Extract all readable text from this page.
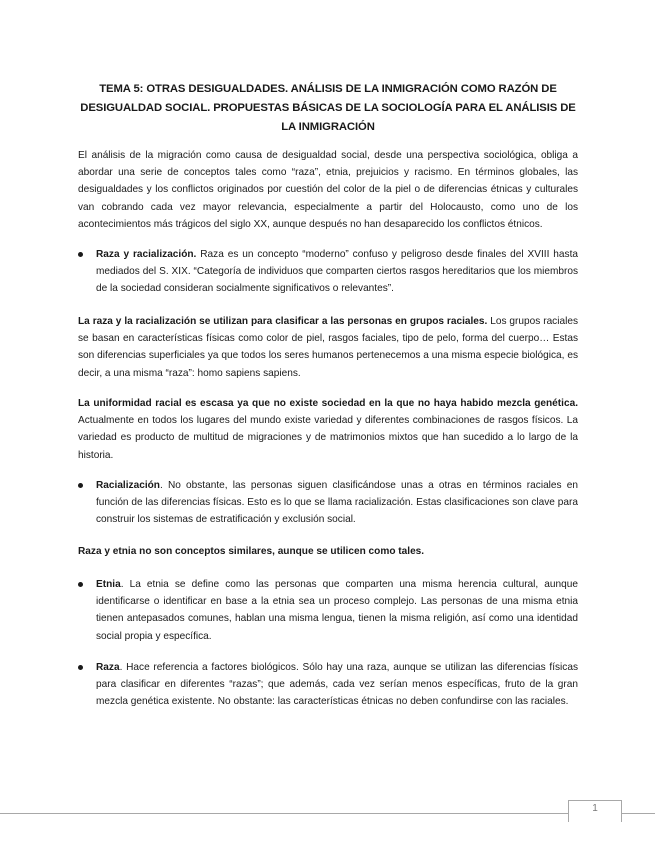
TEMA 5: OTRAS DESIGUALDADES. ANÁLISIS DE LA INMIGRACIÓN COMO RAZÓN DE DESIGUALDAD SOCIAL. PROPUESTAS BÁSICAS DE LA SOCIOLOGÍA PARA EL ANÁLISIS DE LA INMIGRACIÓN

El análisis de la migración como causa de desigualdad social, desde una perspectiva sociológica, obliga a abordar una serie de conceptos tales como “raza”, etnia, prejuicios y racismo. En términos globales, las desigualdades y los conflictos originados por cuestión del color de la piel o de diferencias étnicas y culturales van cobrando cada vez mayor relevancia, especialmente a partir del Holocausto, como uno de los acontecimientos más trágicos del siglo XX, aunque después no han desaparecido los conflictos étnicos.

Raza y racialización. Raza es un concepto “moderno” confuso y peligroso desde finales del XVIII hasta mediados del S. XIX. “Categoría de individuos que comparten ciertos rasgos hereditarios que los miembros de la sociedad consideran socialmente significativos o relevantes”.

La raza y la racialización se utilizan para clasificar a las personas en grupos raciales. Los grupos raciales se basan en características físicas como color de piel, rasgos faciales, tipo de pelo, forma del cuerpo… Estas son diferencias superficiales ya que todos los seres humanos pertenecemos a una misma especie biológica, es decir, a una misma “raza”: homo sapiens sapiens.

La uniformidad racial es escasa ya que no existe sociedad en la que no haya habido mezcla genética. Actualmente en todos los lugares del mundo existe variedad y diferentes combinaciones de rasgos físicos. La variedad es producto de multitud de migraciones y de matrimonios mixtos que han sucedido a lo largo de la historia.

Racialización. No obstante, las personas siguen clasificándose unas a otras en términos raciales en función de las diferencias físicas. Esto es lo que se llama racialización. Estas clasificaciones son clave para construir los sistemas de estratificación y exclusión social.

Raza y etnia no son conceptos similares, aunque se utilicen como tales.

Etnia. La etnia se define como las personas que comparten una misma herencia cultural, aunque identificarse o identificar en base a la etnia sea un proceso complejo. Las personas de una misma etnia tienen antepasados comunes, hablan una misma lengua, tienen la misma religión, así como una identidad social propia y específica.
Raza. Hace referencia a factores biológicos. Sólo hay una raza, aunque se utilizan las diferencias físicas para clasificar en diferentes “razas”; que además, cada vez serían menos específicas, fruto de la gran mezcla genética existente. No obstante: las características étnicas no deben confundirse con las raciales.
1
